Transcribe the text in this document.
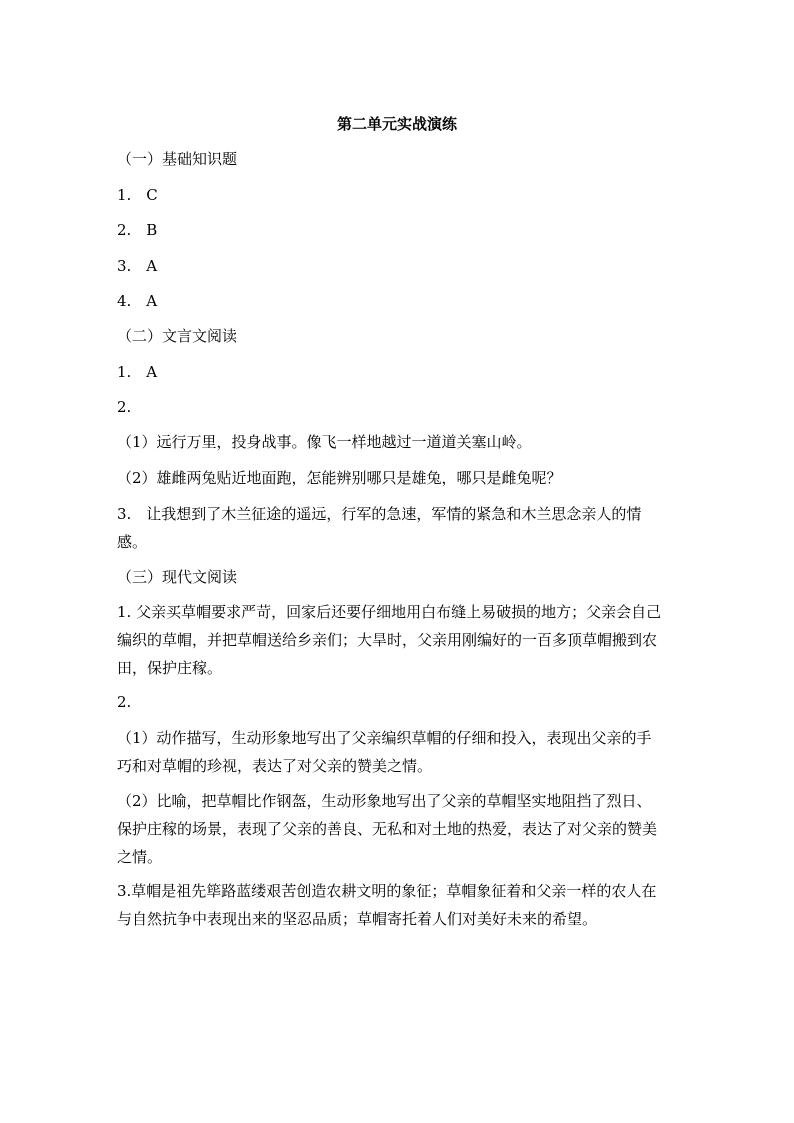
第二单元实战演练
（一）基础知识题
1.　C
2.　B
3.　A
4.　A
（二）文言文阅读
1.　A
2.
（1）远行万里，投身战事。像飞一样地越过一道道关塞山岭。
（2）雄雌两兔贴近地面跑，怎能辨别哪只是雄兔，哪只是雌兔呢？
3.　让我想到了木兰征途的遥远，行军的急速，军情的紧急和木兰思念亲人的情感。
（三）现代文阅读
1. 父亲买草帽要求严苛，回家后还要仔细地用白布缝上易破损的地方；父亲会自己编织的草帽，并把草帽送给乡亲们；大旱时，父亲用刚编好的一百多顶草帽搬到农田，保护庄稼。
2.
（1）动作描写，生动形象地写出了父亲编织草帽的仔细和投入，表现出父亲的手巧和对草帽的珍视，表达了对父亲的赞美之情。
（2）比喻，把草帽比作钢盔，生动形象地写出了父亲的草帽坚实地阻挡了烈日、保护庄稼的场景，表现了父亲的善良、无私和对土地的热爱，表达了对父亲的赞美之情。
3.草帽是祖先筚路蓝缕艰苦创造农耕文明的象征；草帽象征着和父亲一样的农人在与自然抗争中表现出来的坚忍品质；草帽寄托着人们对美好未来的希望。
